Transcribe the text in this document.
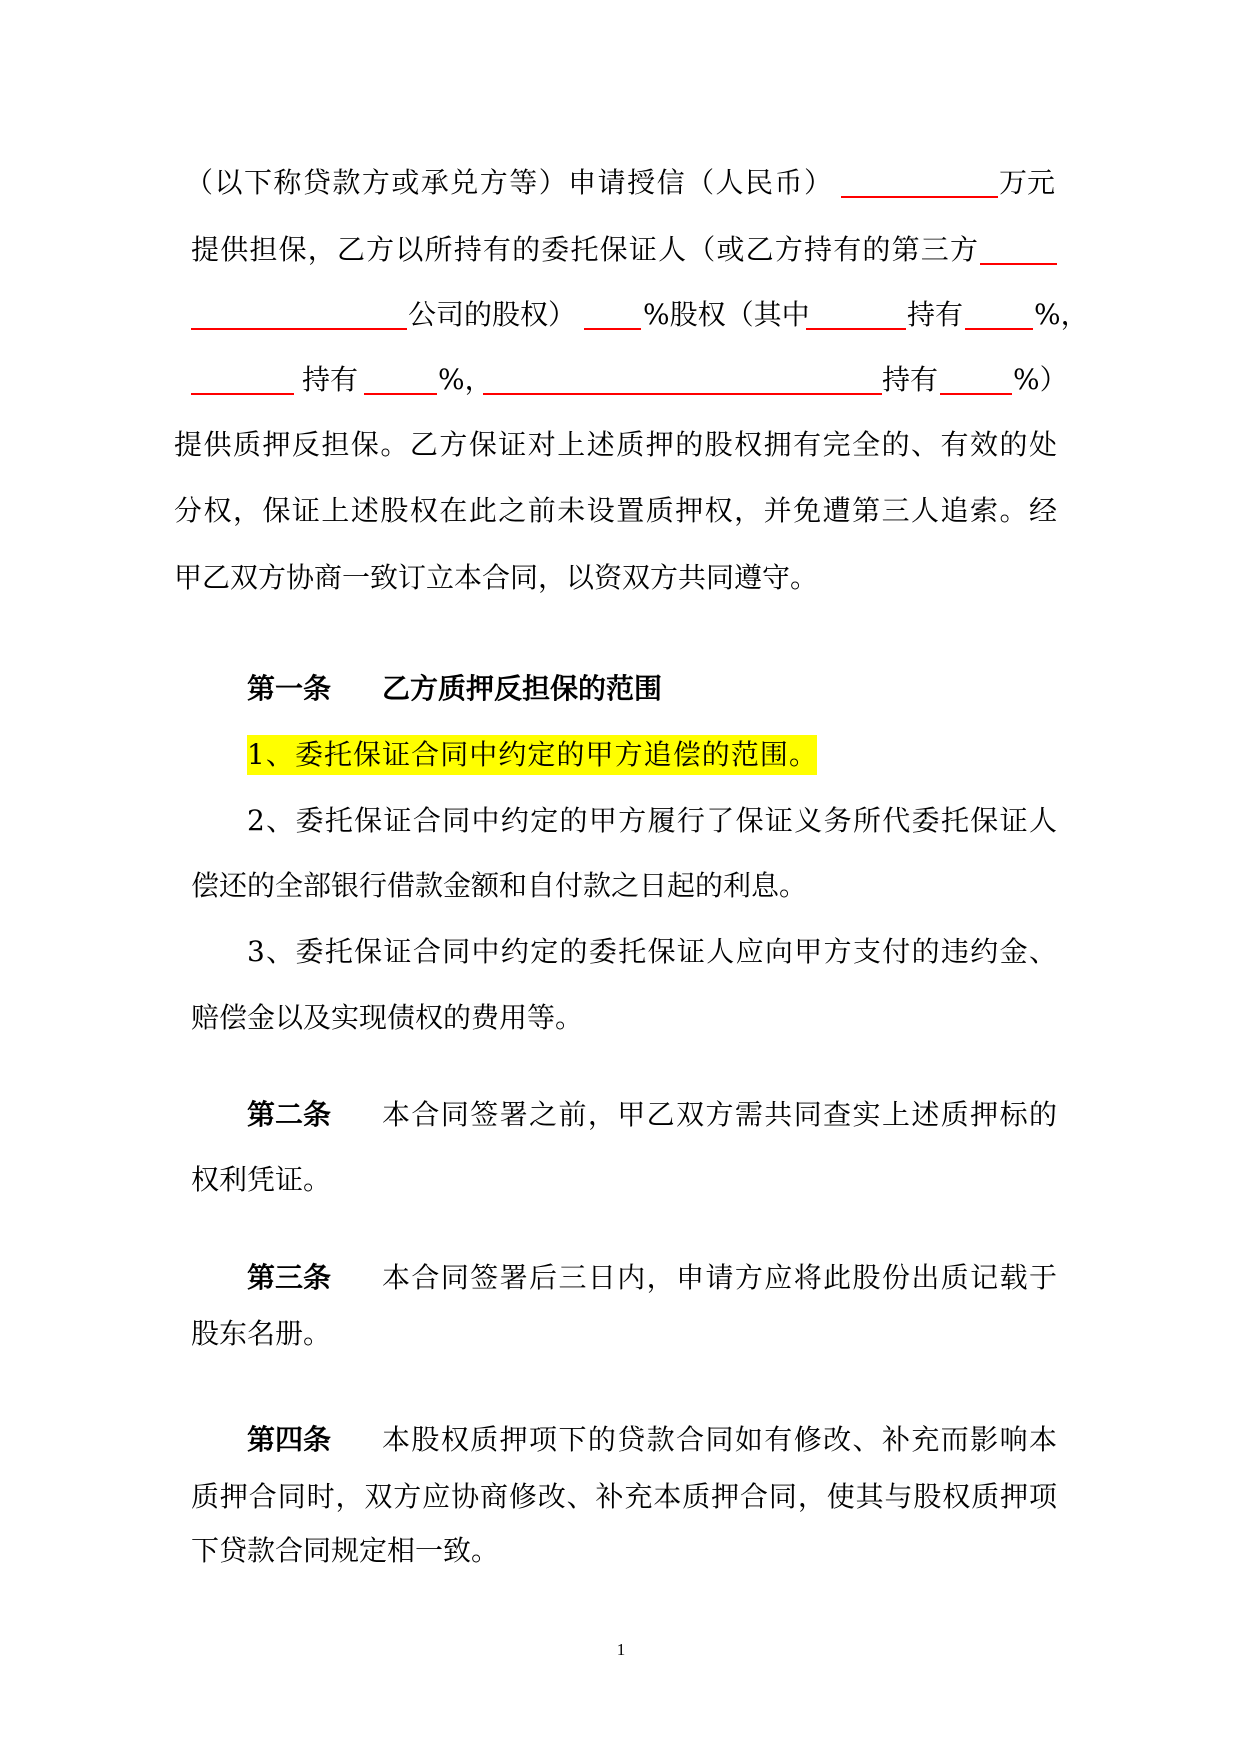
（以下称贷款方或承兑方等）申请授信（人民币）	万元
提供担保，乙方以所持有的委托保证人（或乙方持有的第三方
公司的股权） %股权（其中	持有	%，
持有	%，	持有	%）
提供质押反担保。乙方保证对上述质押的股权拥有完全的、有效的处
分权，保证上述股权在此之前未设置质押权，并免遭第三人追索。经
甲乙双方协商一致订立本合同，以资双方共同遵守。
第一条 乙方质押反担保的范围
1、委托保证合同中约定的甲方追偿的范围。
2、委托保证合同中约定的甲方履行了保证义务所代委托保证人
偿还的全部银行借款金额和自付款之日起的利息。
3、委托保证合同中约定的委托保证人应向甲方支付的违约金、
赔偿金以及实现债权的费用等。
第二条 本合同签署之前，甲乙双方需共同查实上述质押标的
权利凭证。
第三条 本合同签署后三日内，申请方应将此股份出质记载于
股东名册。
第四条 本股权质押项下的贷款合同如有修改、补充而影响本
质押合同时，双方应协商修改、补充本质押合同，使其与股权质押项
下贷款合同规定相一致。
1
